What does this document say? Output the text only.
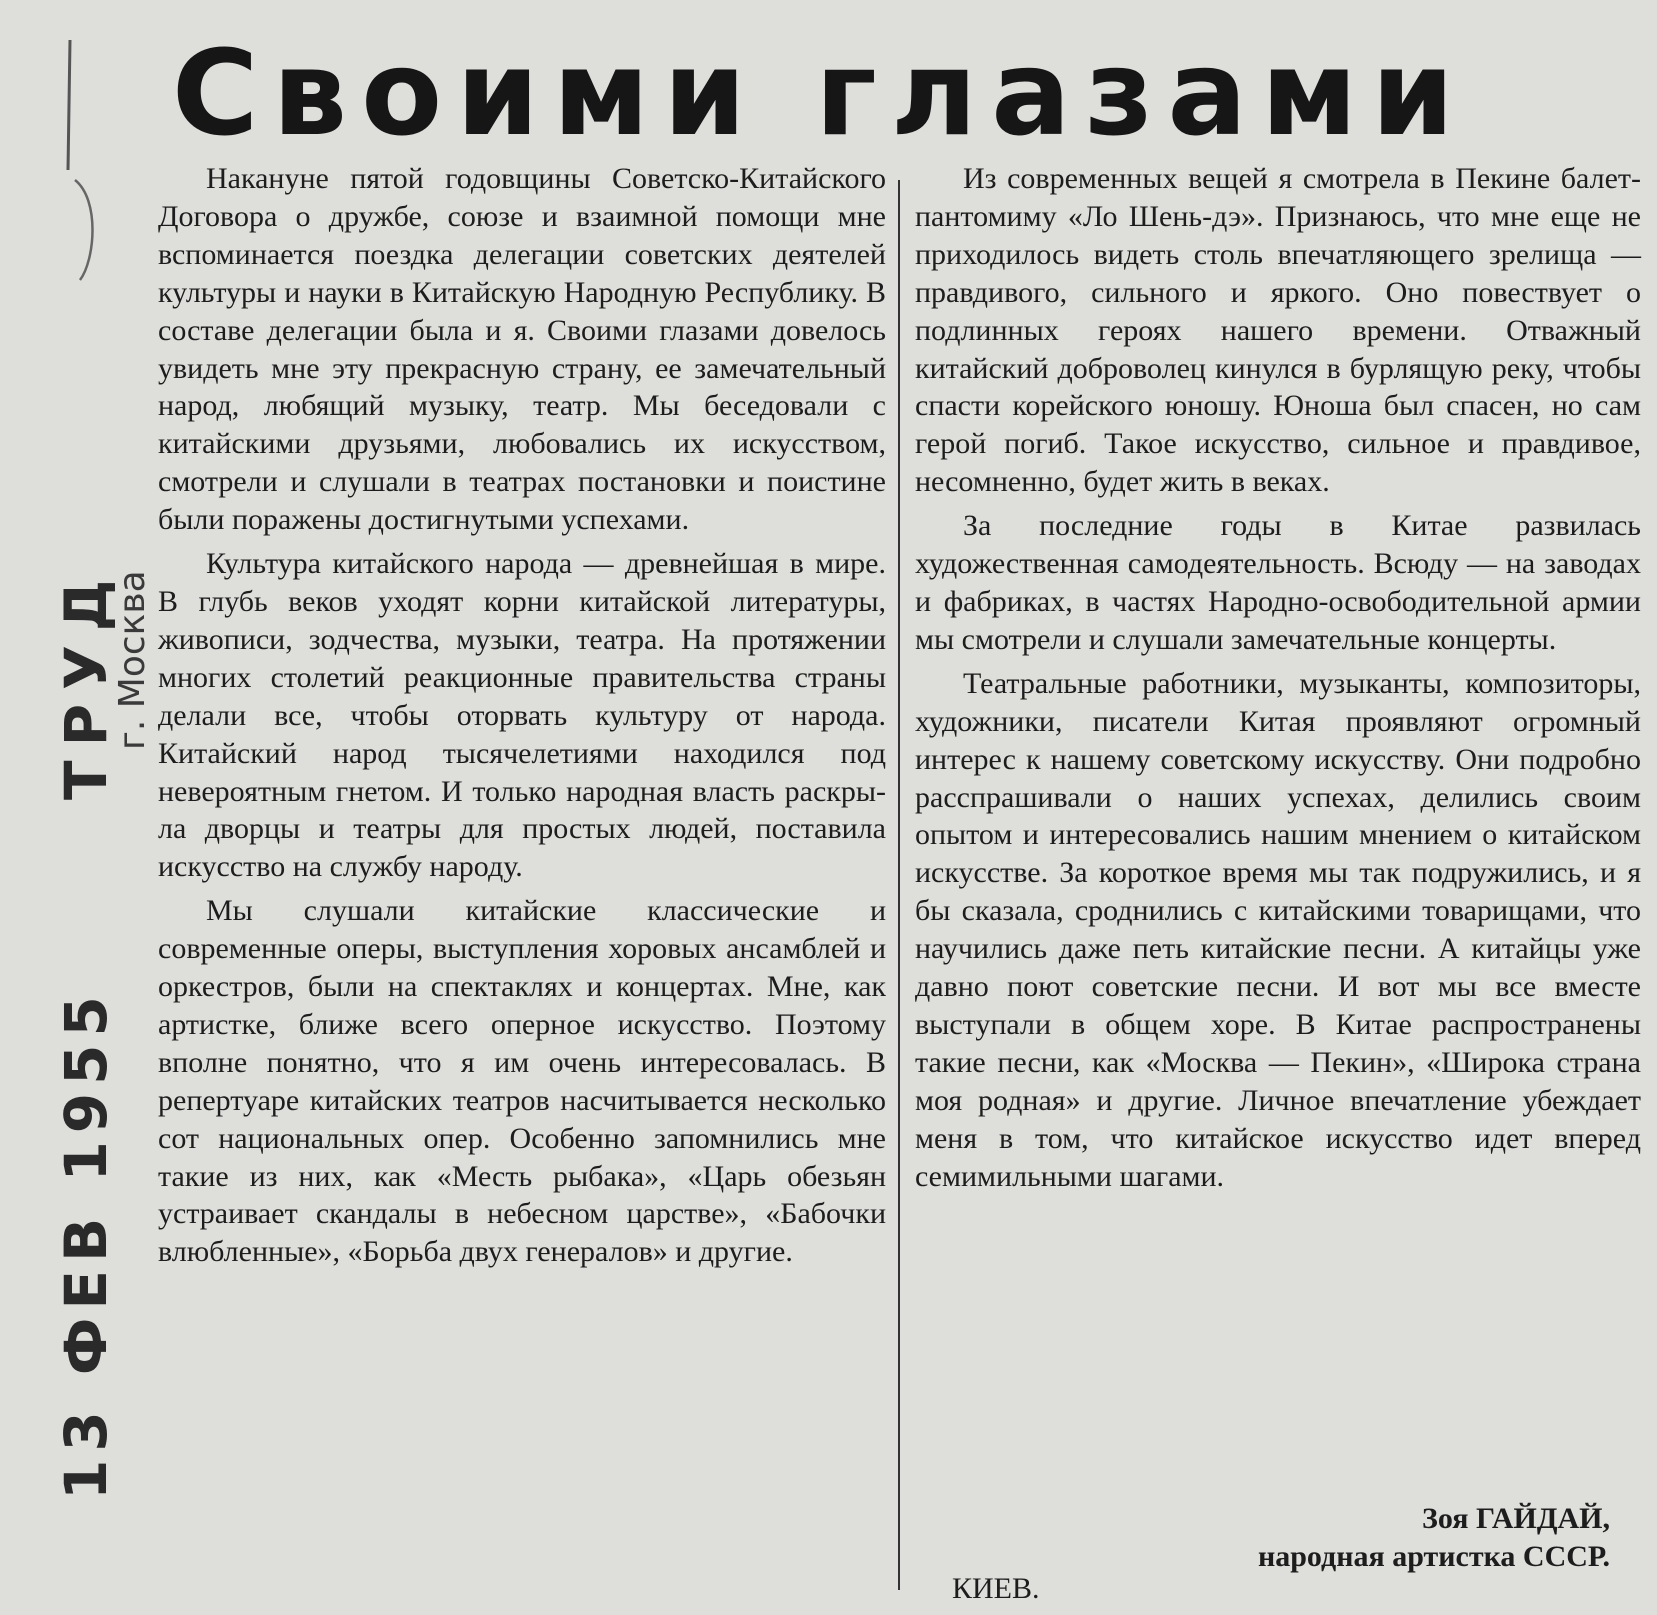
ТРУД
г. Москва
13 ФЕВ 1955
Своими глазами

Накануне пятой годовщины Советско-Китайского Договора о дружбе, союзе и взаимной помощи мне вспоминается поездка делегации советских деятелей культуры и науки в Китайскую Народную Республику. В составе делегации была и я. Своими глазами довелось увидеть мне эту прекрасную страну, ее замечательный народ, любящий музыку, театр. Мы беседовали с китайскими друзьями, любовались их искусством, смотрели и слушали в театрах постановки и поистине были поражены достигнутыми успехами.

Культура китайского народа — древнейшая в мире. В глубь веков уходят корни китайской литературы, живописи, зодчества, музыки, театра. На протяжении многих столетий реакционные правительства страны делали все, чтобы оторвать культуру от народа. Китайский народ тысячелетиями находился под невероятным гнетом. И только народная власть раскрыла дворцы и театры для простых людей, поставила искусство на службу народу.

Мы слушали китайские классические и современные оперы, выступления хоровых ансамблей и оркестров, были на спектаклях и концертах. Мне, как артистке, ближе всего оперное искусство. Поэтому вполне понятно, что я им очень интересовалась. В репертуаре китайских театров насчитывается несколько сот национальных опер. Особенно запомнились мне такие из них, как «Месть рыбака», «Царь обезьян устраивает скандалы в небесном царстве», «Бабочки влюбленные», «Борьба двух генералов» и другие.

Из современных вещей я смотрела в Пекине балет-пантомиму «Ло Шень-дэ». Признаюсь, что мне еще не приходилось видеть столь впечатляющего зрелища — правдивого, сильного и яркого. Оно повествует о подлинных героях нашего времени. Отважный китайский доброволец кинулся в бурлящую реку, чтобы спасти корейского юношу. Юноша был спасен, но сам герой погиб. Такое искусство, сильное и правдивое, несомненно, будет жить в веках.

За последние годы в Китае развилась художественная самодеятельность. Всюду — на заводах и фабриках, в частях Народно-освободительной армии мы смотрели и слушали замечательные концерты.

Театральные работники, музыканты, композиторы, художники, писатели Китая проявляют огромный интерес к нашему советскому искусству. Они подробно расспрашивали о наших успехах, делились своим опытом и интересовались нашим мнением о китайском искусстве. За короткое время мы так подружились, и я бы сказала, сроднились с китайскими товарищами, что научились даже петь китайские песни. А китайцы уже давно поют советские песни. И вот мы все вместе выступали в общем хоре. В Китае распространены такие песни, как «Москва — Пекин», «Широка страна моя родная» и другие. Личное впечатление убеждает меня в том, что китайское искусство идет вперед семимильными шагами.

Зоя ГАЙДАЙ,
народная артистка СССР.
КИЕВ.
